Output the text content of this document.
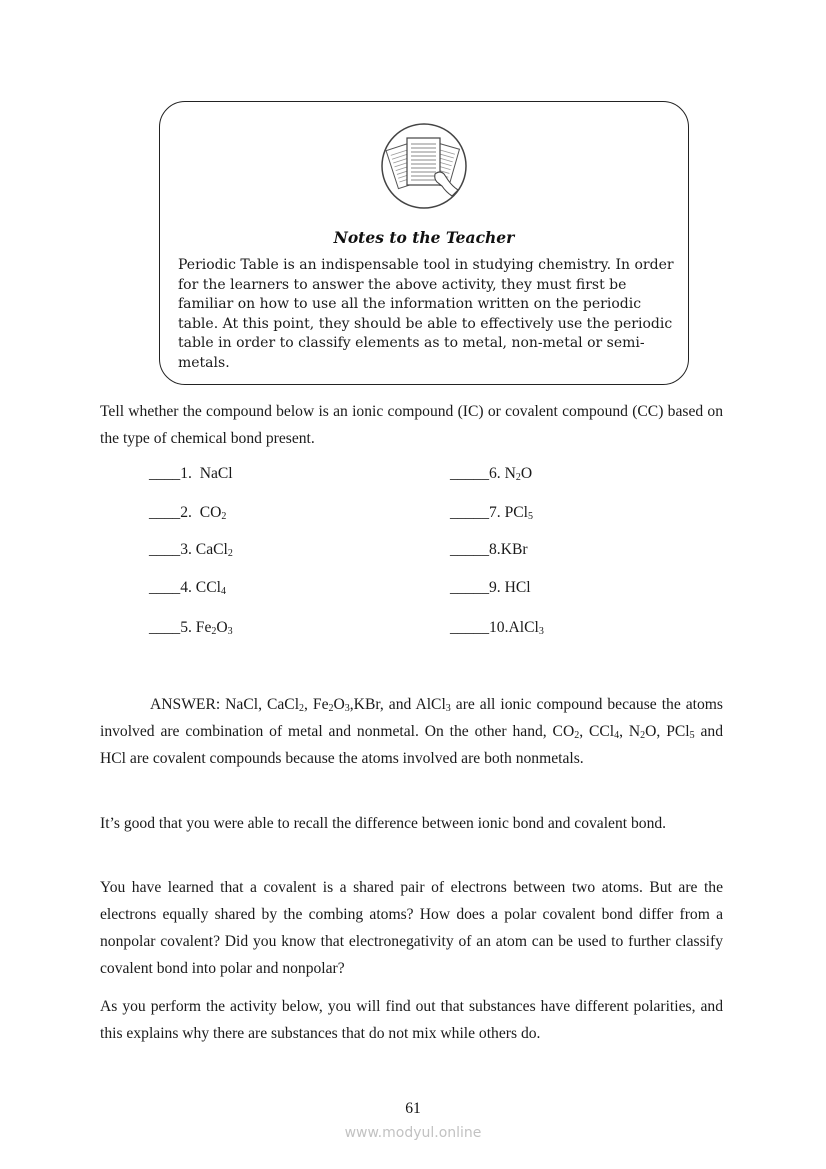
Notes to the Teacher
Periodic Table is an indispensable tool in studying chemistry. In order for the learners to answer the above activity, they must first be familiar on how to use all the information written on the periodic table. At this point, they should be able to effectively use the periodic table in order to classify elements as to metal, non-metal or semi-metals.
Tell whether the compound below is an ionic compound (IC) or covalent compound (CC) based on the type of chemical bond present.
____1.  NaCl
____2.  $CO_2$
____3. CaCl$_2$
____4. CCl$_4$
____5. $Fe_2O_3$
_____6. $N_2O$
_____7. PCl$_5$
_____8.KBr
_____9. HCl
_____10.AlCl$_3$
ANSWER: NaCl, CaCl$_2$, $Fe_2O_3,KBr$, and AlCl$_3$ are all ionic compound because the atoms involved are combination of metal and nonmetal. On the other hand, $CO_2$, CCl$_4$, $N_2O$, PCl$_5$ and HCl are covalent compounds because the atoms involved are both nonmetals.
It’s good that you were able to recall the difference between ionic bond and covalent bond.
You have learned that a covalent is a shared pair of electrons between two atoms. But are the electrons equally shared by the combing atoms? How does a polar covalent bond differ from a nonpolar covalent? Did you know that electronegativity of an atom can be used to further classify covalent bond into polar and nonpolar?
As you perform the activity below, you will find out that substances have different polarities, and this explains why there are substances that do not mix while others do.
61
www.modyul.online
